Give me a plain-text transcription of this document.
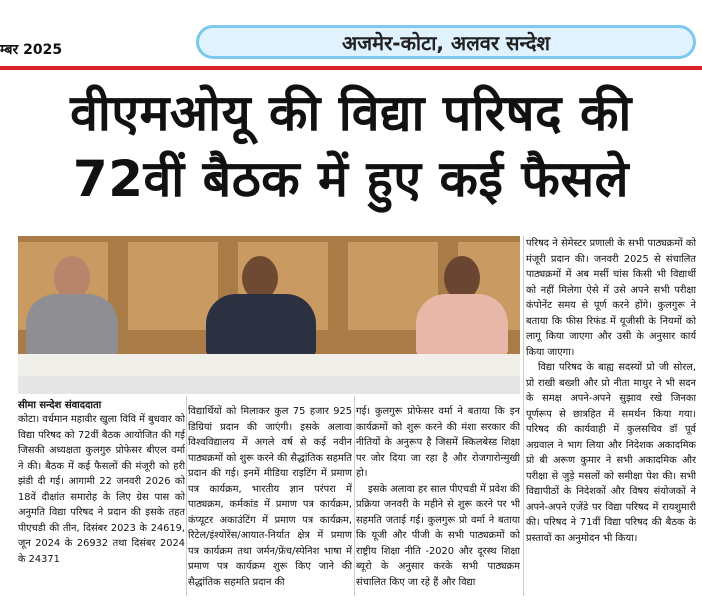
म्बर 2025	अजमेर-कोटा, अलवर सन्देश
वीएमओयू की विद्या परिषद की
72वीं बैठक में हुए कई फैसले
सीमा सन्देश संवाददाता

कोटा। वर्धमान महावीर खुला विवि में बुधवार को विद्या परिषद को 72वीं बैठक आयोजित की गई जिसकी अध्यक्षता कुलगुरु प्रोफेसर बीएल वर्मा ने की। बैठक में कई फैसलों की मंजूरी को हरी झंडी दी गई। आगामी 22 जनवरी 2026 को 18वें दीक्षांत समारोह के लिए ग्रेस पास को अनुमति विद्या परिषद ने प्रदान की इसके तहत पीएचडी की तीन, दिसंबर 2023 के 24619, जून 2024 के 26932 तथा दिसंबर 2024 के 24371

विद्यार्थियों को मिलाकर कुल 75 हजार 925 डिग्रियां प्रदान की जाएंगी। इसके अलावा विश्वविद्यालय में अगले वर्ष से कई नवीन पाठ्यक्रमों को शुरू करने की सैद्धांतिक सहमति प्रदान की गई। इनमें मीडिया राइटिंग में प्रमाण पत्र कार्यक्रम, भारतीय ज्ञान परंपरा में पाठ्यक्रम, कर्मकांड में प्रमाण पत्र कार्यक्रम, कंप्यूटर अकाउंटिंग में प्रमाण पत्र कार्यक्रम, रिटेल/इंश्योरेंस/आयात-निर्यात क्षेत्र में प्रमाण पत्र कार्यक्रम तथा जर्मन/फ्रेंच/स्पेनिश भाषा में प्रमाण पत्र कार्यक्रम शुरू किए जाने की सैद्धांतिक सहमति प्रदान की

गई। कुलगुरू प्रोफेसर वर्मा ने बताया कि इन कार्यक्रमों को शुरू करने की मंशा सरकार की नीतियों के अनुरूप है जिसमें स्किलबेस्ड शिक्षा पर जोर दिया जा रहा है और रोजगारोन्मुखी हो।

इसके अलावा हर साल पीएचडी में प्रवेश की प्रक्रिया जनवरी के महीने से शुरू करने पर भी सहमति जताई गई। कुलगुरू प्रो वर्मा ने बताया कि यूजी और पीजी के सभी पाठ्यक्रमों को राष्ट्रीय शिक्षा नीति -2020 और दूरस्थ शिक्षा ब्यूरो के अनुसार करके सभी पाठ्यक्रम संचालित किए जा रहे हैं और विद्या

परिषद ने सेमेस्टर प्रणाली के सभी पाठ्यक्रमों को मंजूरी प्रदान की। जनवरी 2025 से संचालित पाठ्यक्रमों में अब मर्सी चांस किसी भी विद्यार्थी को नहीं मिलेगा ऐसे में उसे अपने सभी परीक्षा कंपोनेंट समय से पूर्ण करने होंगे। कुलगुरू ने बताया कि फीस रिफंड में यूजीसी के नियमों को लागू किया जाएगा और उसी के अनुसार कार्य किया जाएगा।

विद्या परिषद के बाह्य सदस्यों प्रो जी सोरल, प्रो राखी बख्शी और प्रो नीता माथुर ने भी सदन के समक्ष अपने-अपने सुझाव रखे जिनका पूर्णरूप से छात्रहित में समर्थन किया गया। परिषद की कार्यवाही में कुलसचिव डॉ पूर्व अग्रवाल ने भाग लिया और निदेशक अकादमिक प्रो बी अरूण कुमार ने सभी अकादमिक और परीक्षा से जुड़े मसलों को समीक्षा पेश की। सभी विद्यापीठों के निदेशकों और विषय संयोजकों ने अपने-अपने एजेंडे पर विद्या परिषद में रायशुमारी की। परिषद ने 71वीं विद्या परिषद की बैठक के प्रस्तावों का अनुमोदन भी किया।
